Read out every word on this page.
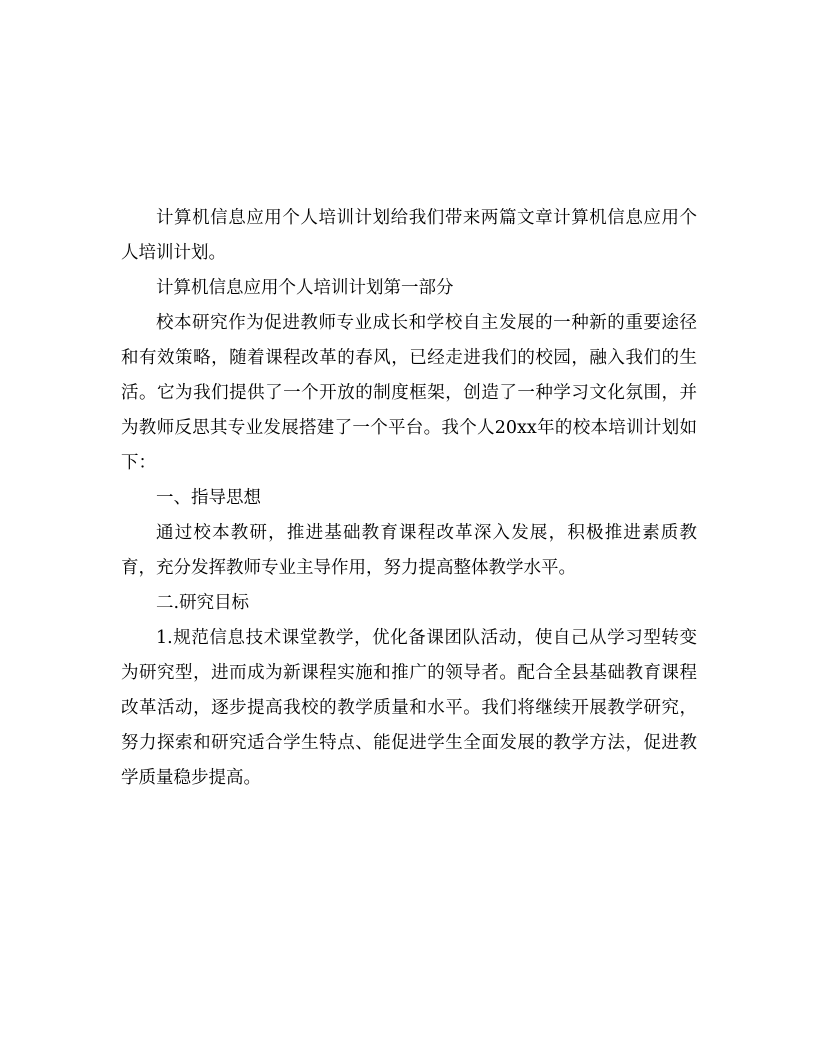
计算机信息应用个人培训计划给我们带来两篇文章计算机信息应用个人培训计划。

计算机信息应用个人培训计划第一部分

校本研究作为促进教师专业成长和学校自主发展的一种新的重要途径和有效策略，随着课程改革的春风，已经走进我们的校园，融入我们的生活。它为我们提供了一个开放的制度框架，创造了一种学习文化氛围，并为教师反思其专业发展搭建了一个平台。我个人20xx年的校本培训计划如下：

一、指导思想

通过校本教研，推进基础教育课程改革深入发展，积极推进素质教育，充分发挥教师专业主导作用，努力提高整体教学水平。

二.研究目标

1.规范信息技术课堂教学，优化备课团队活动，使自己从学习型转变为研究型，进而成为新课程实施和推广的领导者。配合全县基础教育课程改革活动，逐步提高我校的教学质量和水平。我们将继续开展教学研究，努力探索和研究适合学生特点、能促进学生全面发展的教学方法，促进教学质量稳步提高。
